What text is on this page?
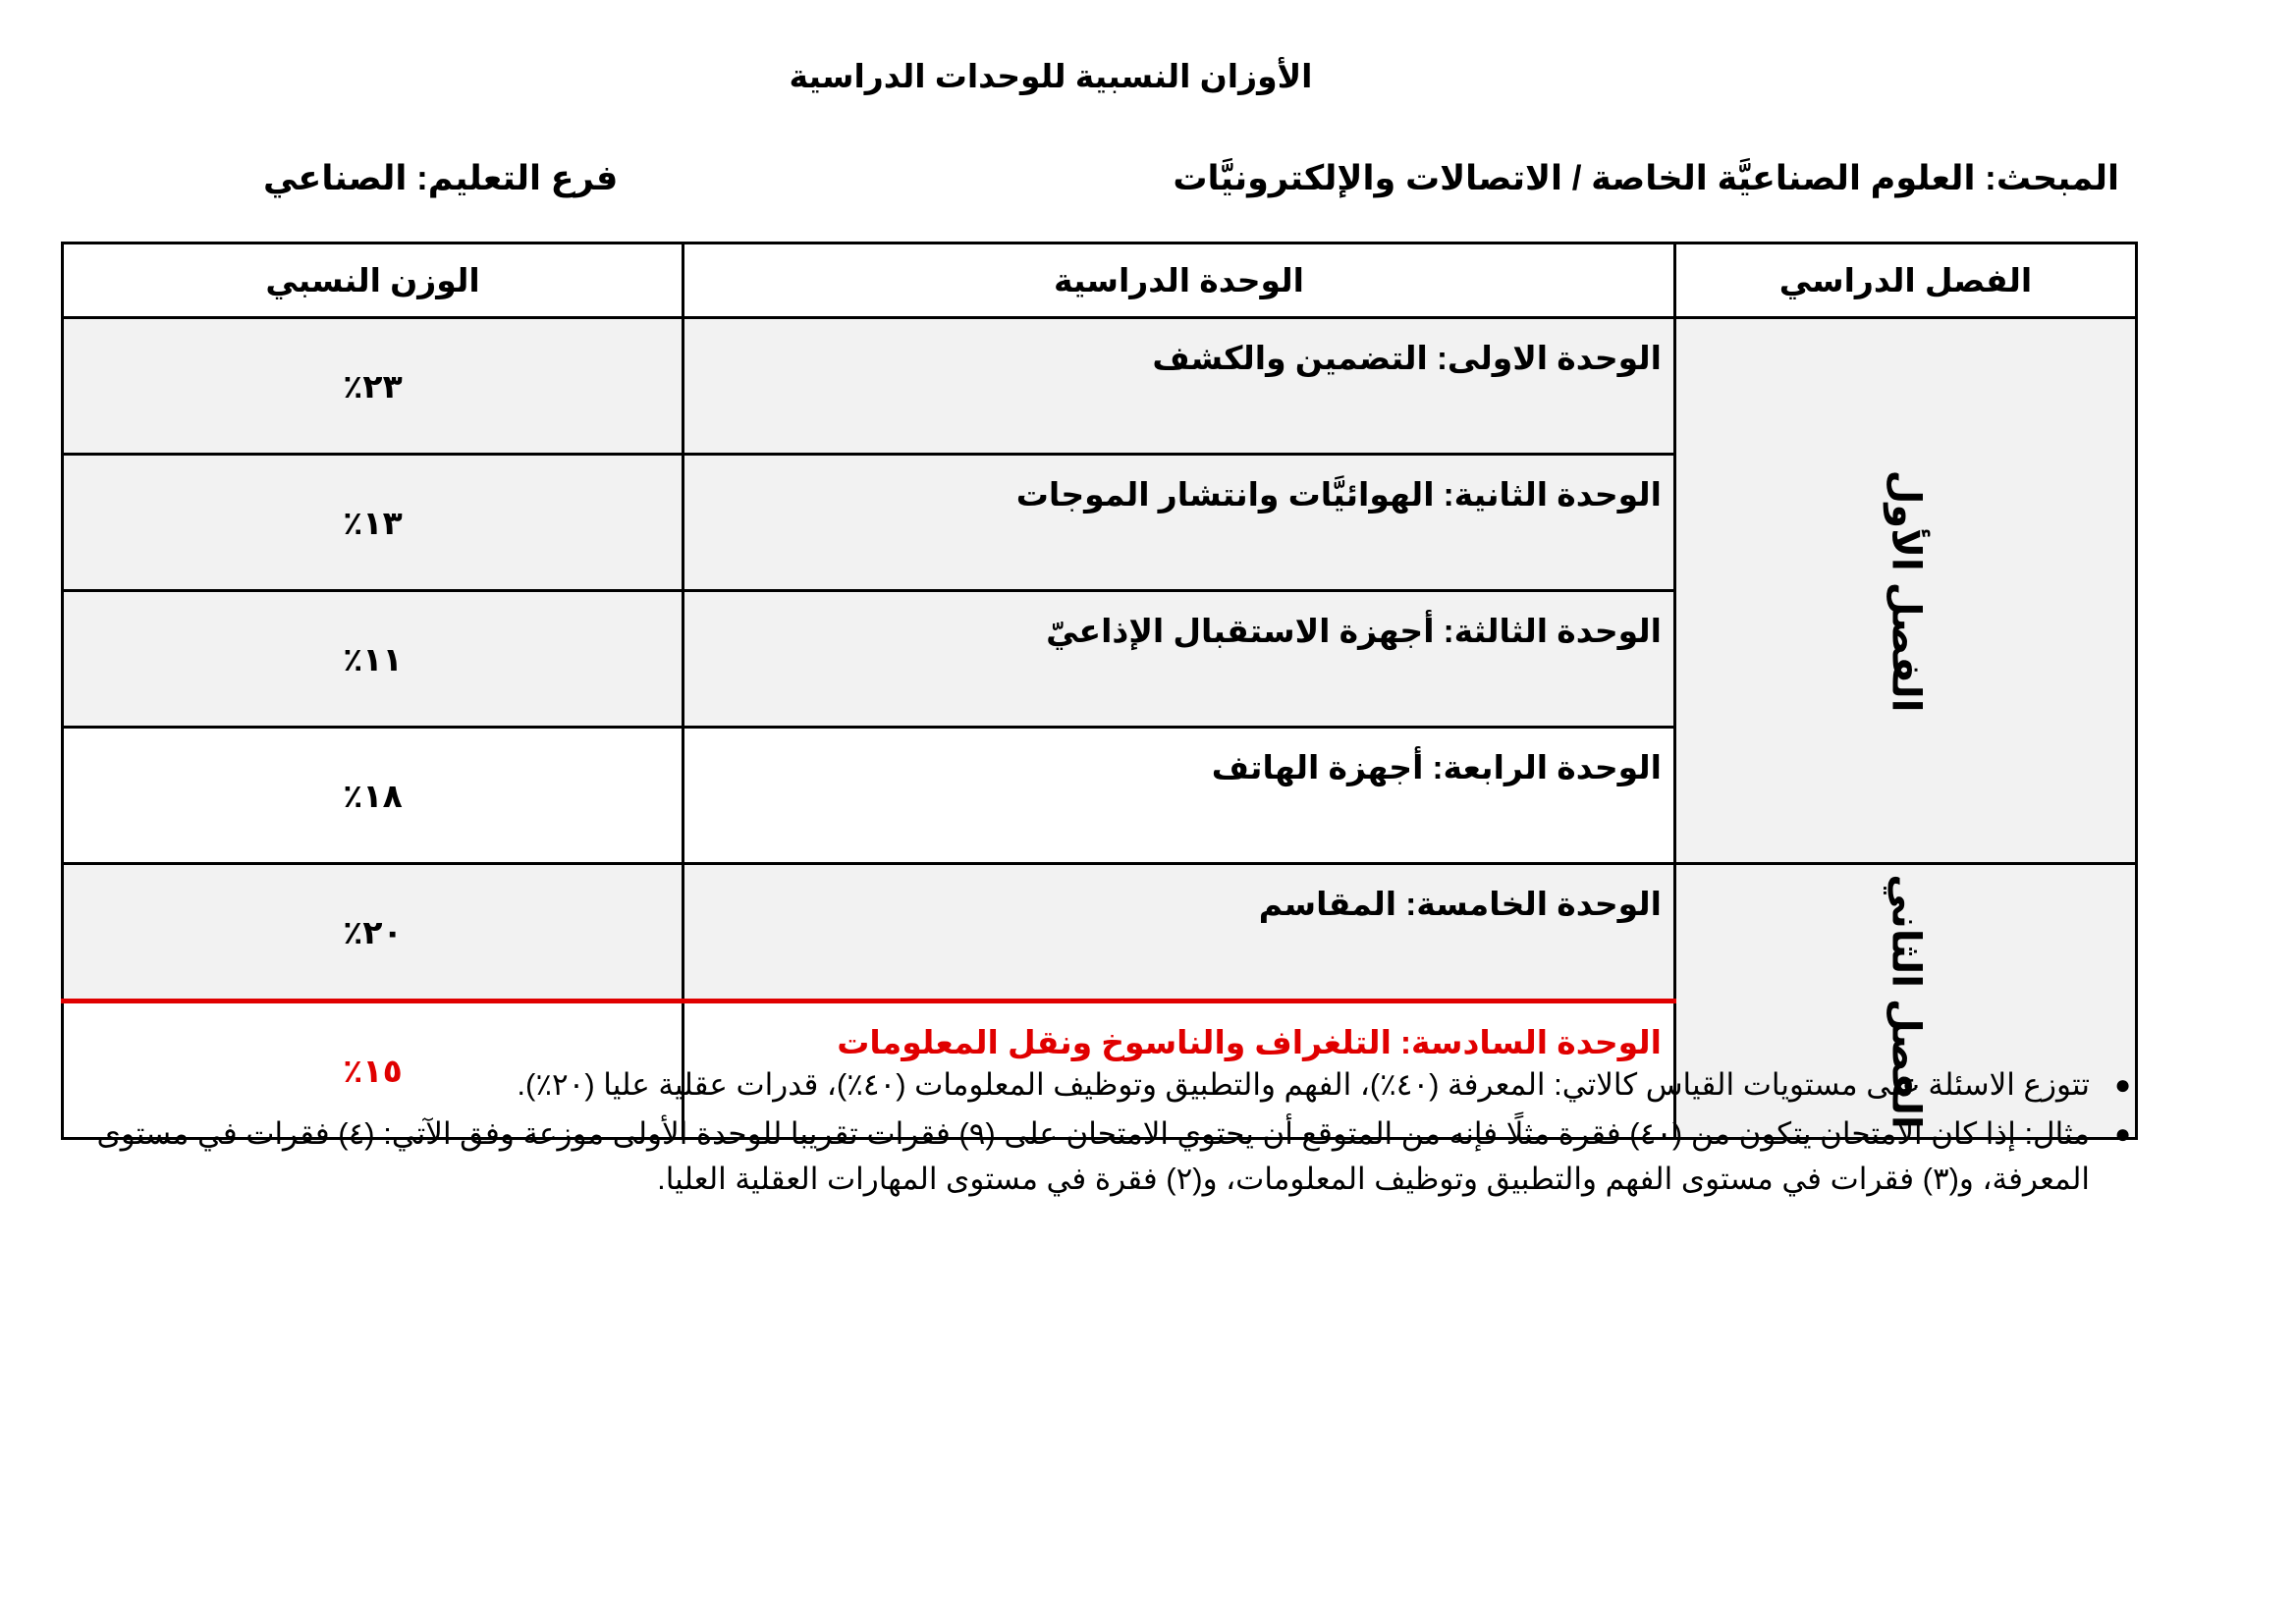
الأوزان النسبية للوحدات الدراسية
المبحث: العلوم الصناعيَّة الخاصة / الاتصالات والإلكترونيَّات
فرع التعليم: الصناعي
الفصل الدراسي	الوحدة الدراسية	الوزن النسبي
الفصل الأول	الوحدة الاولى: التضمين والكشف	٢٣٪
	الوحدة الثانية: الهوائيَّات وانتشار الموجات	١٣٪
	الوحدة الثالثة: أجهزة الاستقبال الإذاعيّ	١١٪
	الوحدة الرابعة: أجهزة الهاتف	١٨٪
الفصل الثاني	الوحدة الخامسة: المقاسم	٢٠٪
	الوحدة السادسة: التلغراف والناسوخ ونقل المعلومات	١٥٪	●
تتوزع الاسئلة على مستويات القياس كالاتي: المعرفة (٤٠٪)، الفهم والتطبيق وتوظيف المعلومات (٤٠٪)، قدرات عقلية عليا (٢٠٪).
●
مثال: إذا كان الامتحان يتكون من (٤٠) فقرة مثلًا فإنه من المتوقع أن يحتوي الامتحان على (٩) فقرات تقريبا للوحدة الأولى موزعة وفق الآتي: (٤) فقرات في مستوى المعرفة، و(٣) فقرات في مستوى الفهم والتطبيق وتوظيف المعلومات، و(٢) فقرة في مستوى المهارات العقلية العليا.
